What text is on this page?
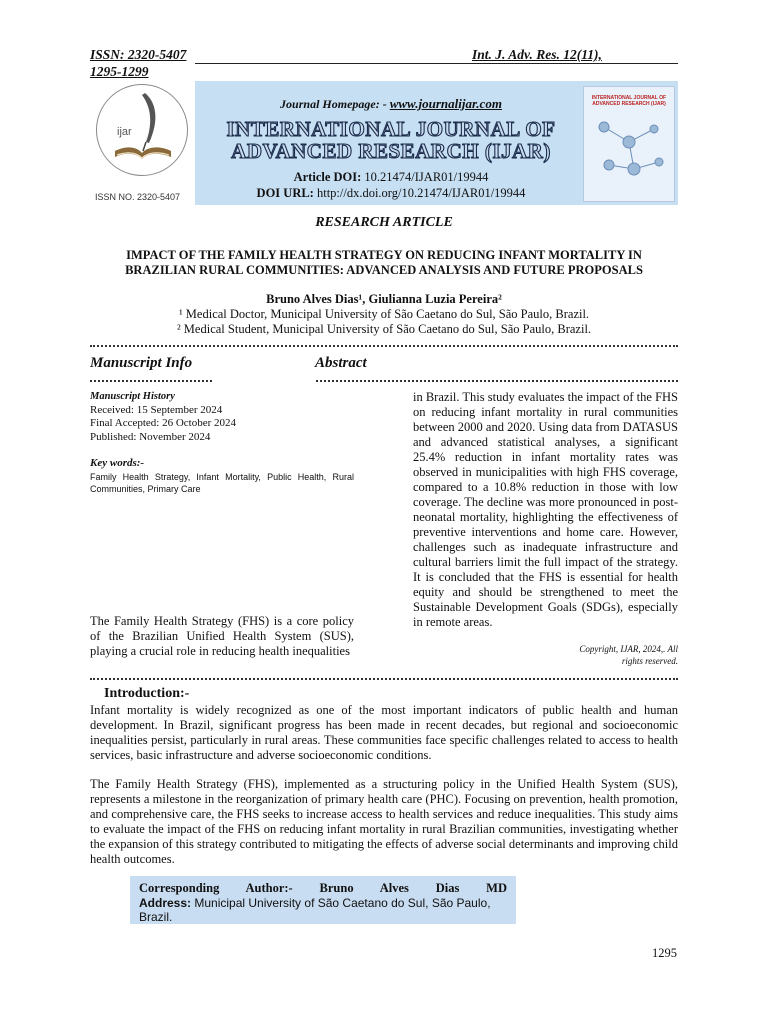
ISSN: 2320-5407	Int. J. Adv. Res. 12(11),
1295-1299
ijar
ISSN NO. 2320-5407
Journal Homepage: - www.journalijar.com
INTERNATIONAL JOURNAL OF
ADVANCED RESEARCH (IJAR)
Article DOI: 10.21474/IJAR01/19944
DOI URL: http://dx.doi.org/10.21474/IJAR01/19944
INTERNATIONAL JOURNAL OF ADVANCED RESEARCH (IJAR)
RESEARCH ARTICLE
IMPACT OF THE FAMILY HEALTH STRATEGY ON REDUCING INFANT MORTALITY IN
BRAZILIAN RURAL COMMUNITIES: ADVANCED ANALYSIS AND FUTURE PROPOSALS
Bruno Alves Dias¹, Giulianna Luzia Pereira²
¹ Medical Doctor, Municipal University of São Caetano do Sul, São Paulo, Brazil.
² Medical Student, Municipal University of São Caetano do Sul, São Paulo, Brazil.
Manuscript Info	Abstract
Manuscript History
Received: 15 September 2024
Final Accepted: 26 October 2024
Published: November 2024
Key words:-
Family Health Strategy, Infant Mortality, Public Health, Rural Communities, Primary Care
The Family Health Strategy (FHS) is a core policy of the Brazilian Unified Health System (SUS), playing a crucial role in reducing health inequalities
in Brazil. This study evaluates the impact of the FHS on reducing infant mortality in rural communities between 2000 and 2020. Using data from DATASUS and advanced statistical analyses, a significant 25.4% reduction in infant mortality rates was observed in municipalities with high FHS coverage, compared to a 10.8% reduction in those with low coverage. The decline was more pronounced in post-neonatal mortality, highlighting the effectiveness of preventive interventions and home care. However, challenges such as inadequate infrastructure and cultural barriers limit the full impact of the strategy. It is concluded that the FHS is essential for health equity and should be strengthened to meet the Sustainable Development Goals (SDGs), especially in remote areas.
Copyright, IJAR, 2024,. All
rights reserved.
Introduction:-
Infant mortality is widely recognized as one of the most important indicators of public health and human development. In Brazil, significant progress has been made in recent decades, but regional and socioeconomic inequalities persist, particularly in rural areas. These communities face specific challenges related to access to health services, basic infrastructure and adverse socioeconomic conditions.
The Family Health Strategy (FHS), implemented as a structuring policy in the Unified Health System (SUS), represents a milestone in the reorganization of primary health care (PHC). Focusing on prevention, health promotion, and comprehensive care, the FHS seeks to increase access to health services and reduce inequalities. This study aims to evaluate the impact of the FHS on reducing infant mortality in rural Brazilian communities, investigating whether the expansion of this strategy contributed to mitigating the effects of adverse social determinants and improving child health outcomes.
Corresponding Author:- Bruno Alves Dias MD
Address: Municipal University of São Caetano do Sul, São Paulo, Brazil.
1295
